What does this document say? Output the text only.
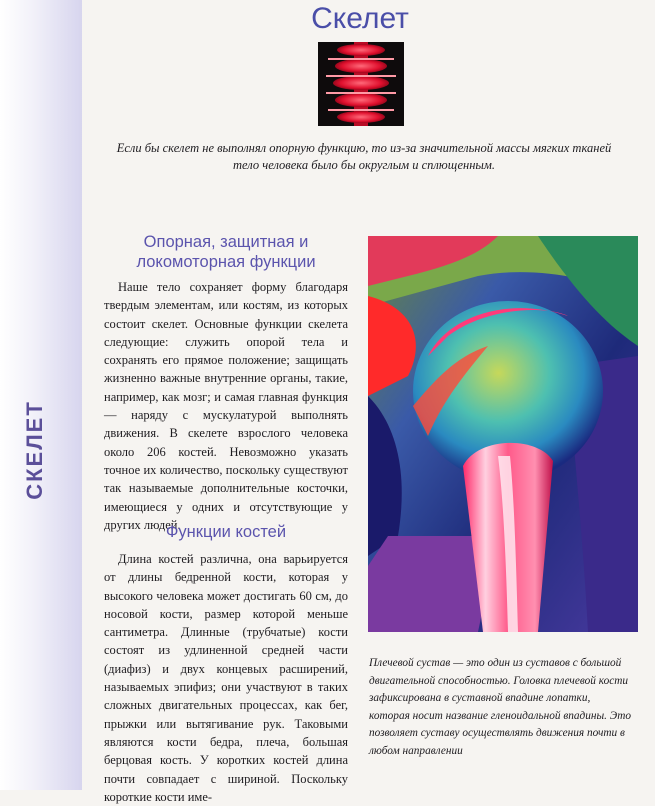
СКЕЛЕТ
Скелет

Если бы скелет не выполнял опорную функцию, то из-за значительной массы мягких тканей тело человека было бы округлым и сплющенным.

Опорная, защитная и локомоторная функции

Наше тело сохраняет форму благодаря твердым элементам, или костям, из которых состоит скелет. Основные функции скелета следующие: служить опорой тела и сохранять его прямое положение; защищать жизненно важные внутренние органы, такие, например, как мозг; и самая главная функция — наряду с мускулатурой выполнять движения. В скелете взрослого человека около 206 костей. Невозможно указать точное их количество, поскольку существуют так называемые дополнительные косточки, имеющиеся у одних и отсутствующие у других людей.

Функции костей

Длина костей различна, она варьируется от длины бедренной кости, которая у высокого человека может достигать 60 см, до носовой кости, размер которой меньше сантиметра. Длинные (трубчатые) кости состоят из удлиненной средней части (диафиз) и двух концевых расширений, называемых эпифиз; они участвуют в таких сложных двигательных процессах, как бег, прыжки или вытягивание рук. Таковыми являются кости бедра, плеча, большая берцовая кость. У коротких костей длина почти совпадает с шириной. Поскольку короткие кости име-

Плечевой сустав — это один из суставов с большой двигательной способностью. Головка плечевой кости зафиксирована в суставной впадине лопатки, которая носит название гленоидальной впадины. Это позволяет суставу осуществлять движения почти в любом направлении
